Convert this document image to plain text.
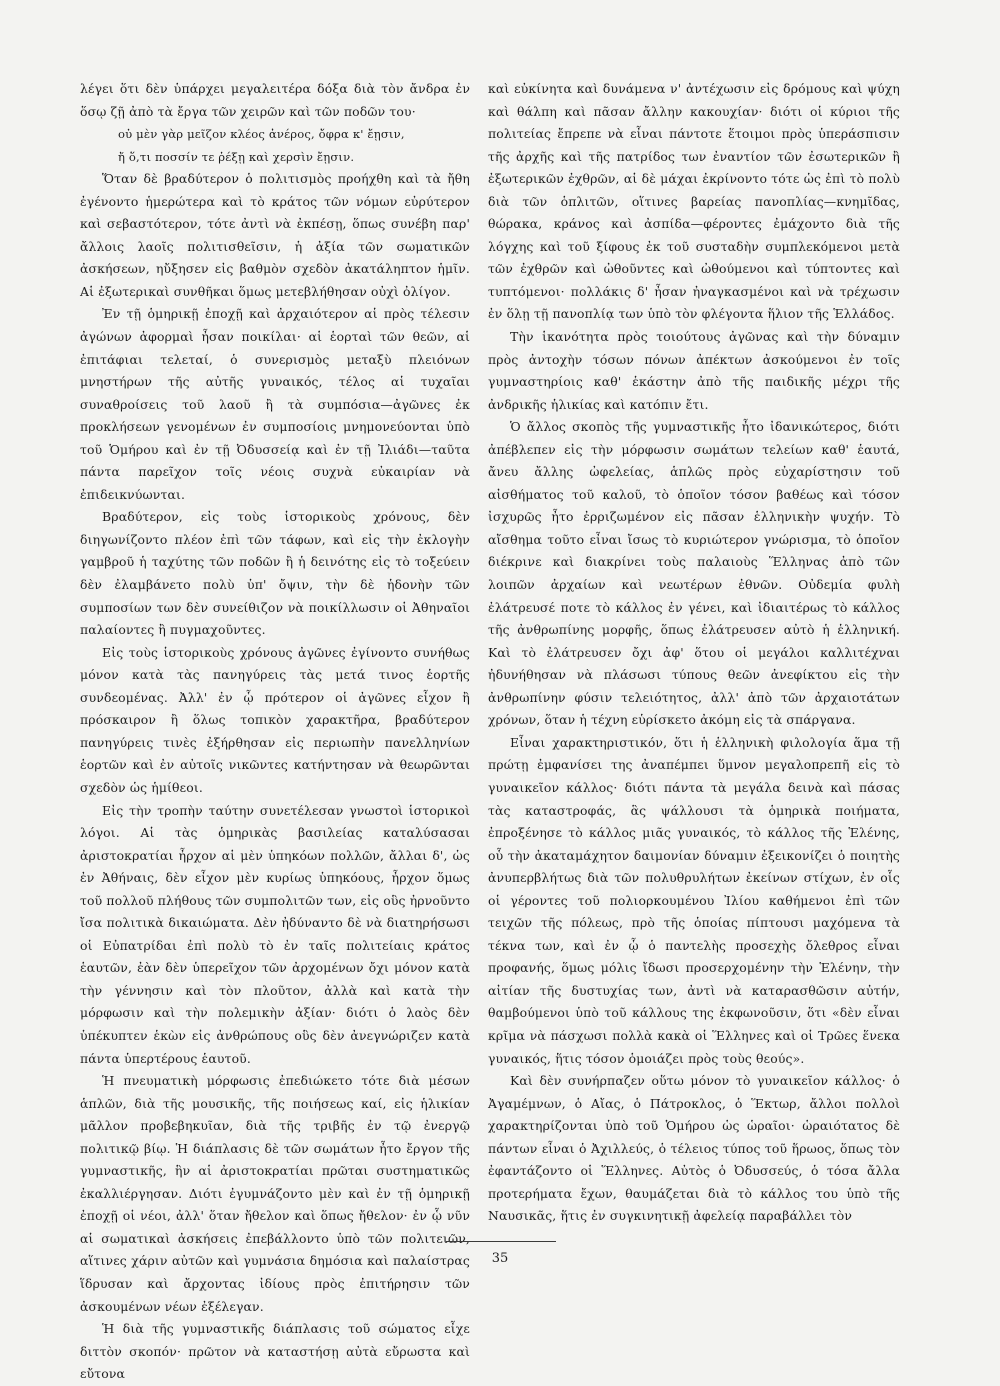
λέγει ὅτι δὲν ὑπάρχει μεγαλειτέρα δόξα διὰ τὸν ἄνδρα ἐν ὅσῳ ζῇ ἀπὸ τὰ ἔργα τῶν χειρῶν καὶ τῶν ποδῶν του·

οὐ μὲν γὰρ μεῖζον κλέος ἀνέρος, ὄφρα κ' ἔῃσιν,
ἤ ὅ,τι ποσσίν τε ῥέξῃ καὶ χερσὶν ἔῃσιν.

Ὅταν δὲ βραδύτερον ὁ πολιτισμὸς προήχθη καὶ τὰ ἤθη ἐγένοντο ἡμερώτερα καὶ τὸ κράτος τῶν νόμων εὐρύτερον καὶ σεβαστότερον, τότε ἀντὶ νὰ ἐκπέσῃ, ὅπως συνέβη παρ' ἄλλοις λαοῖς πολιτισθεῖσιν, ἡ ἀξία τῶν σωματικῶν ἀσκήσεων, ηὔξησεν εἰς βαθμὸν σχεδὸν ἀκατάληπτον ἡμῖν. Αἱ ἐξωτερικαὶ συνθῆκαι ὅμως μετεβλήθησαν οὐχὶ ὀλίγον.

Ἐν τῇ ὁμηρικῇ ἐποχῇ καὶ ἀρχαιότερον αἱ πρὸς τέλεσιν ἀγώνων ἀφορμαὶ ἦσαν ποικίλαι· αἱ ἑορταὶ τῶν θεῶν, αἱ ἐπιτάφιαι τελεταί, ὁ συνερισμὸς μεταξὺ πλειόνων μνηστήρων τῆς αὐτῆς γυναικός, τέλος αἱ τυχαῖαι συναθροίσεις τοῦ λαοῦ ἢ τὰ συμπόσια—ἀγῶνες ἐκ προκλήσεων γενομένων ἐν συμποσίοις μνημονεύονται ὑπὸ τοῦ Ὁμήρου καὶ ἐν τῇ Ὀδυσσείᾳ καὶ ἐν τῇ Ἰλιάδι—ταῦτα πάντα παρεῖχον τοῖς νέοις συχνὰ εὐκαιρίαν νὰ ἐπιδεικνύωνται.

Βραδύτερον, εἰς τοὺς ἱστορικοὺς χρόνους, δὲν διηγωνίζοντο πλέον ἐπὶ τῶν τάφων, καὶ εἰς τὴν ἐκλογὴν γαμβροῦ ἡ ταχύτης τῶν ποδῶν ἢ ἡ δεινότης εἰς τὸ τοξεύειν δὲν ἐλαμβάνετο πολὺ ὑπ' ὄψιν, τὴν δὲ ἡδονὴν τῶν συμποσίων των δὲν συνείθιζον νὰ ποικίλλωσιν οἱ Ἀθηναῖοι παλαίοντες ἢ πυγμαχοῦντες.

Εἰς τοὺς ἱστορικοὺς χρόνους ἀγῶνες ἐγίνοντο συνήθως μόνον κατὰ τὰς πανηγύρεις τὰς μετά τινος ἑορτῆς συνδεομένας. Ἀλλ' ἐν ᾧ πρότερον οἱ ἀγῶνες εἶχον ἢ πρόσκαιρον ἢ ὅλως τοπικὸν χαρακτῆρα, βραδύτερον πανηγύρεις τινὲς ἐξήρθησαν εἰς περιωπὴν πανελληνίων ἑορτῶν καὶ ἐν αὐτοῖς νικῶντες κατήντησαν νὰ θεωρῶνται σχεδὸν ὡς ἡμίθεοι.

Εἰς τὴν τροπὴν ταύτην συνετέλεσαν γνωστοὶ ἱστορικοὶ λόγοι. Αἱ τὰς ὁμηρικὰς βασιλείας καταλύσασαι ἀριστοκρατίαι ἦρχον αἱ μὲν ὑπηκόων πολλῶν, ἄλλαι δ', ὡς ἐν Ἀθήναις, δὲν εἶχον μὲν κυρίως ὑπηκόους, ἦρχον ὅμως τοῦ πολλοῦ πλήθους τῶν συμπολιτῶν των, εἰς οὓς ἠρνοῦντο ἴσα πολιτικὰ δικαιώματα. Δὲν ἠδύναντο δὲ νὰ διατηρήσωσι οἱ Εὐπατρίδαι ἐπὶ πολὺ τὸ ἐν ταῖς πολιτείαις κράτος ἑαυτῶν, ἐὰν δὲν ὑπερεῖχον τῶν ἀρχομένων ὄχι μόνον κατὰ τὴν γέννησιν καὶ τὸν πλοῦτον, ἀλλὰ καὶ κατὰ τὴν μόρφωσιν καὶ τὴν πολεμικὴν ἀξίαν· διότι ὁ λαὸς δὲν ὑπέκυπτεν ἑκὼν εἰς ἀνθρώπους οὓς δὲν ἀνεγνώριζεν κατὰ πάντα ὑπερτέρους ἑαυτοῦ.

Ἡ πνευματικὴ μόρφωσις ἐπεδιώκετο τότε διὰ μέσων ἁπλῶν, διὰ τῆς μουσικῆς, τῆς ποιήσεως καί, εἰς ἡλικίαν μᾶλλον προβεβηκυῖαν, διὰ τῆς τριβῆς ἐν τῷ ἐνεργῷ πολιτικῷ βίῳ. Ἡ διάπλασις δὲ τῶν σωμάτων ἦτο ἔργον τῆς γυμναστικῆς, ἣν αἱ ἀριστοκρατίαι πρῶται συστηματικῶς ἐκαλλιέργησαν. Διότι ἐγυμνάζοντο μὲν καὶ ἐν τῇ ὁμηρικῇ ἐποχῇ οἱ νέοι, ἀλλ' ὅταν ἤθελον καὶ ὅπως ἤθελον· ἐν ᾧ νῦν αἱ σωματικαὶ ἀσκήσεις ἐπεβάλλοντο ὑπὸ τῶν πολιτειῶν, αἵτινες χάριν αὐτῶν καὶ γυμνάσια δημόσια καὶ παλαίστρας ἵδρυσαν καὶ ἄρχοντας ἰδίους πρὸς ἐπιτήρησιν τῶν ἀσκουμένων νέων ἐξέλεγαν.

Ἡ διὰ τῆς γυμναστικῆς διάπλασις τοῦ σώματος εἶχε διττὸν σκοπόν· πρῶτον νὰ καταστήσῃ αὐτὰ εὔρωστα καὶ εὔτονα

καὶ εὐκίνητα καὶ δυνάμενα ν' ἀντέχωσιν εἰς δρόμους καὶ ψύχη καὶ θάλπη καὶ πᾶσαν ἄλλην κακουχίαν· διότι οἱ κύριοι τῆς πολιτείας ἔπρεπε νὰ εἶναι πάντοτε ἕτοιμοι πρὸς ὑπεράσπισιν τῆς ἀρχῆς καὶ τῆς πατρίδος των ἐναντίον τῶν ἐσωτερικῶν ἢ ἐξωτερικῶν ἐχθρῶν, αἱ δὲ μάχαι ἐκρίνοντο τότε ὡς ἐπὶ τὸ πολὺ διὰ τῶν ὁπλιτῶν, οἵτινες βαρείας πανοπλίας—κνημῖδας, θώρακα, κράνος καὶ ἀσπίδα—φέροντες ἐμάχοντο διὰ τῆς λόγχης καὶ τοῦ ξίφους ἐκ τοῦ συσταδὴν συμπλεκόμενοι μετὰ τῶν ἐχθρῶν καὶ ὠθοῦντες καὶ ὠθούμενοι καὶ τύπτοντες καὶ τυπτόμενοι· πολλάκις δ' ἦσαν ἠναγκασμένοι καὶ νὰ τρέχωσιν ἐν ὅλῃ τῇ πανοπλίᾳ των ὑπὸ τὸν φλέγοντα ἥλιον τῆς Ἑλλάδος.

Τὴν ἱκανότητα πρὸς τοιούτους ἀγῶνας καὶ τὴν δύναμιν πρὸς ἀντοχὴν τόσων πόνων ἀπέκτων ἀσκούμενοι ἐν τοῖς γυμναστηρίοις καθ' ἑκάστην ἀπὸ τῆς παιδικῆς μέχρι τῆς ἀνδρικῆς ἡλικίας καὶ κατόπιν ἔτι.

Ὁ ἄλλος σκοπὸς τῆς γυμναστικῆς ἦτο ἰδανικώτερος, διότι ἀπέβλεπεν εἰς τὴν μόρφωσιν σωμάτων τελείων καθ' ἑαυτά, ἄνευ ἄλλης ὠφελείας, ἁπλῶς πρὸς εὐχαρίστησιν τοῦ αἰσθήματος τοῦ καλοῦ, τὸ ὁποῖον τόσον βαθέως καὶ τόσον ἰσχυρῶς ἦτο ἐρριζωμένον εἰς πᾶσαν ἑλληνικὴν ψυχήν. Τὸ αἴσθημα τοῦτο εἶναι ἴσως τὸ κυριώτερον γνώρισμα, τὸ ὁποῖον διέκρινε καὶ διακρίνει τοὺς παλαιοὺς Ἕλληνας ἀπὸ τῶν λοιπῶν ἀρχαίων καὶ νεωτέρων ἐθνῶν. Οὐδεμία φυλὴ ἐλάτρευσέ ποτε τὸ κάλλος ἐν γένει, καὶ ἰδιαιτέρως τὸ κάλλος τῆς ἀνθρωπίνης μορφῆς, ὅπως ἐλάτρευσεν αὐτὸ ἡ ἑλληνική. Καὶ τὸ ἐλάτρευσεν ὄχι ἀφ' ὅτου οἱ μεγάλοι καλλιτέχναι ἠδυνήθησαν νὰ πλάσωσι τύπους θεῶν ἀνεφίκτου εἰς τὴν ἀνθρωπίνην φύσιν τελειότητος, ἀλλ' ἀπὸ τῶν ἀρχαιοτάτων χρόνων, ὅταν ἡ τέχνη εὑρίσκετο ἀκόμη εἰς τὰ σπάργανα.

Εἶναι χαρακτηριστικόν, ὅτι ἡ ἑλληνικὴ φιλολογία ἅμα τῇ πρώτῃ ἐμφανίσει της ἀναπέμπει ὕμνον μεγαλοπρεπῆ εἰς τὸ γυναικεῖον κάλλος· διότι πάντα τὰ μεγάλα δεινὰ καὶ πάσας τὰς καταστροφάς, ἃς ψάλλουσι τὰ ὁμηρικὰ ποιήματα, ἐπροξένησε τὸ κάλλος μιᾶς γυναικός, τὸ κάλλος τῆς Ἑλένης, οὗ τὴν ἀκαταμάχητον δαιμονίαν δύναμιν ἐξεικονίζει ὁ ποιητὴς ἀνυπερβλήτως διὰ τῶν πολυθρυλήτων ἐκείνων στίχων, ἐν οἷς οἱ γέροντες τοῦ πολιορκουμένου Ἰλίου καθήμενοι ἐπὶ τῶν τειχῶν τῆς πόλεως, πρὸ τῆς ὁποίας πίπτουσι μαχόμενα τὰ τέκνα των, καὶ ἐν ᾧ ὁ παντελὴς προσεχὴς ὄλεθρος εἶναι προφανής, ὅμως μόλις ἴδωσι προσερχομένην τὴν Ἑλένην, τὴν αἰτίαν τῆς δυστυχίας των, ἀντὶ νὰ καταρασθῶσιν αὐτήν, θαμβούμενοι ὑπὸ τοῦ κάλλους της ἐκφωνοῦσιν, ὅτι «δὲν εἶναι κρῖμα νὰ πάσχωσι πολλὰ κακὰ οἱ Ἕλληνες καὶ οἱ Τρῶες ἕνεκα γυναικός, ἥτις τόσον ὁμοιάζει πρὸς τοὺς θεούς».

Καὶ δὲν συνήρπαζεν οὕτω μόνον τὸ γυναικεῖον κάλλος· ὁ Ἀγαμέμνων, ὁ Αἴας, ὁ Πάτροκλος, ὁ Ἕκτωρ, ἄλλοι πολλοὶ χαρακτηρίζονται ὑπὸ τοῦ Ὁμήρου ὡς ὡραῖοι· ὡραιότατος δὲ πάντων εἶναι ὁ Ἀχιλλεύς, ὁ τέλειος τύπος τοῦ ἥρωος, ὅπως τὸν ἐφαντάζοντο οἱ Ἕλληνες. Αὐτὸς ὁ Ὀδυσσεύς, ὁ τόσα ἄλλα προτερήματα ἔχων, θαυμάζεται διὰ τὸ κάλλος του ὑπὸ τῆς Ναυσικᾶς, ἥτις ἐν συγκινητικῇ ἀφελείᾳ παραβάλλει τὸν

35
